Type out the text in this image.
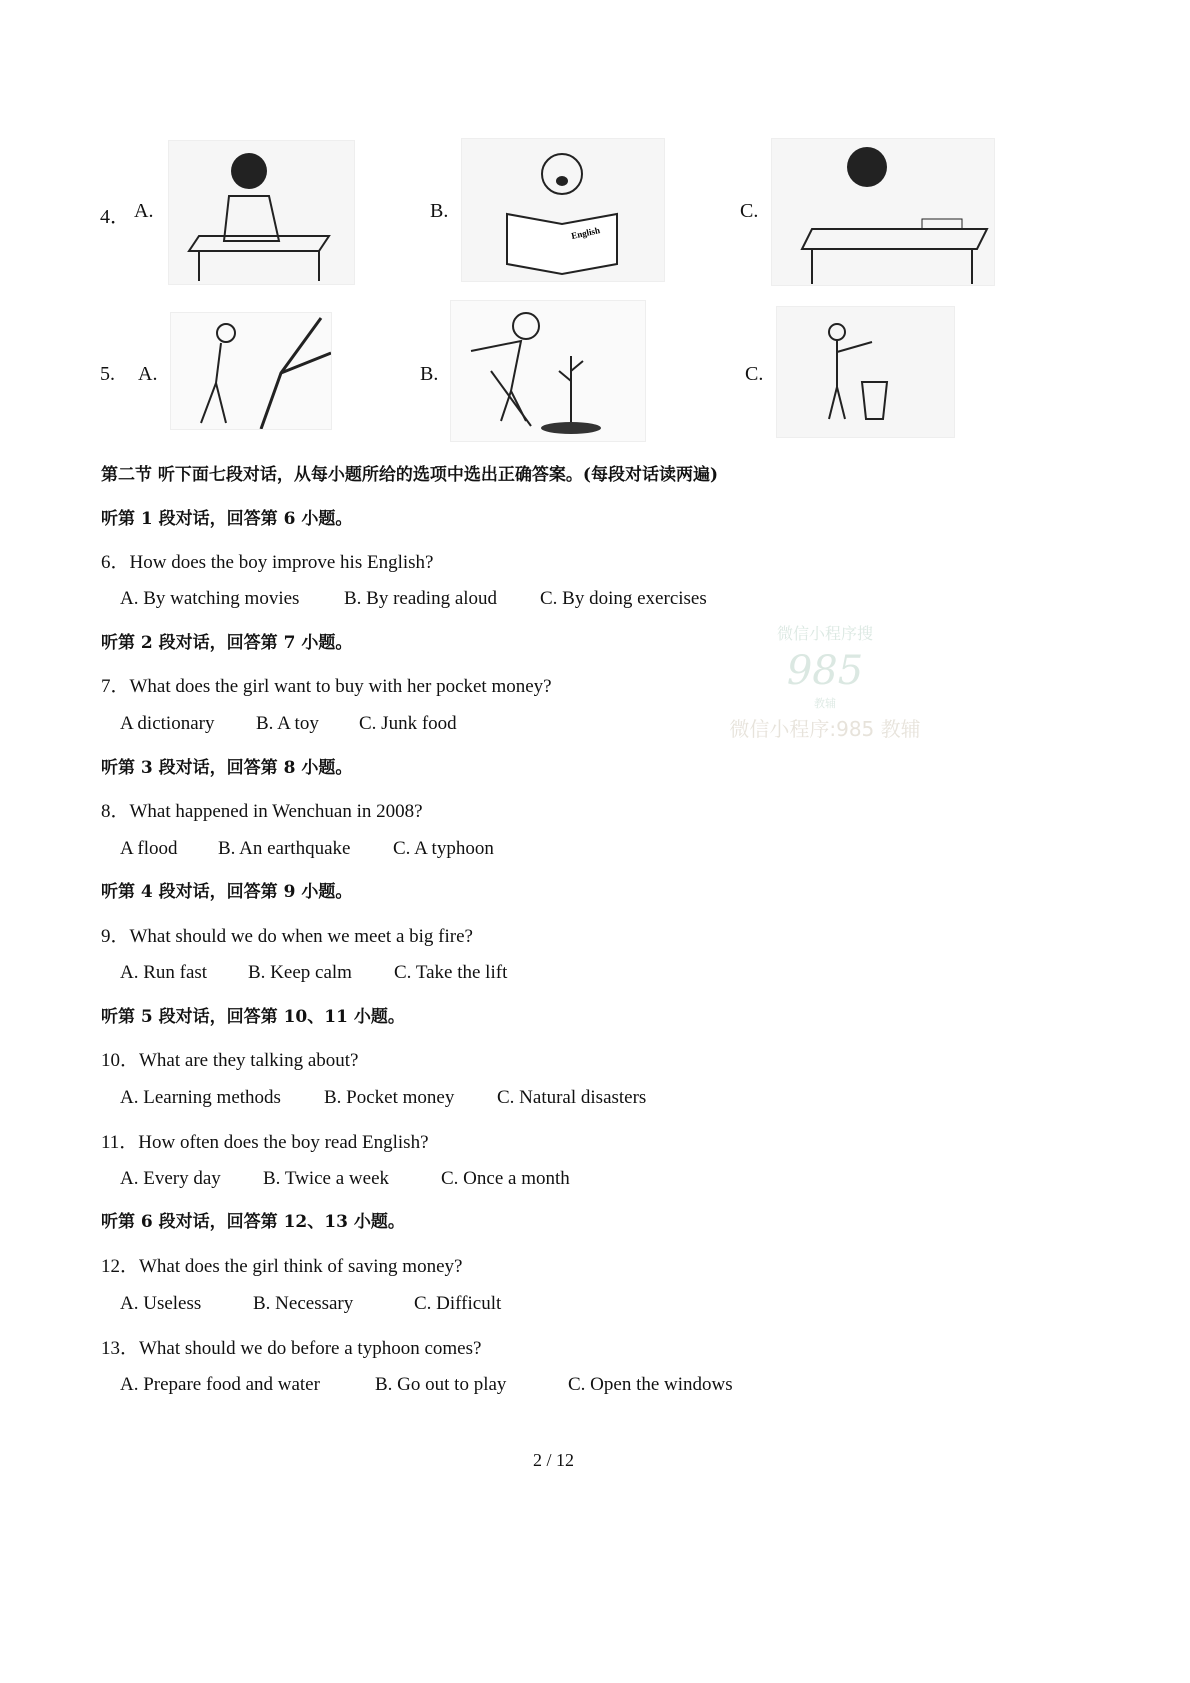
4． A.	B.
English
C.
5. A.	B.	C.
第二节 听下面七段对话，从每小题所给的选项中选出正确答案。(每段对话读两遍)
听第 1 段对话，回答第 6 小题。
6．How does the boy improve his English?
A. By watching movies B. By reading aloud C. By doing exercises
听第 2 段对话，回答第 7 小题。
7．What does the girl want to buy with her pocket money?
A dictionary B. A toy C. Junk food
听第 3 段对话，回答第 8 小题。
8．What happened in Wenchuan in 2008?
A flood B. An earthquake C. A typhoon
听第 4 段对话，回答第 9 小题。
9．What should we do when we meet a big fire?
A. Run fast B. Keep calm C. Take the lift
听第 5 段对话，回答第 10、11 小题。
10．What are they talking about?
A. Learning methods B. Pocket money C. Natural disasters
11．How often does the boy read English?
A. Every day B. Twice a week	C. Once a month
听第 6 段对话，回答第 12、13 小题。
12．What does the girl think of saving money?
A. Useless	B. Necessary	C. Difficult
13．What should we do before a typhoon comes?
A. Prepare food and water	B. Go out to play	C. Open the windows
微信小程序搜
985
教辅
微信小程序:985 教辅
2 / 12
